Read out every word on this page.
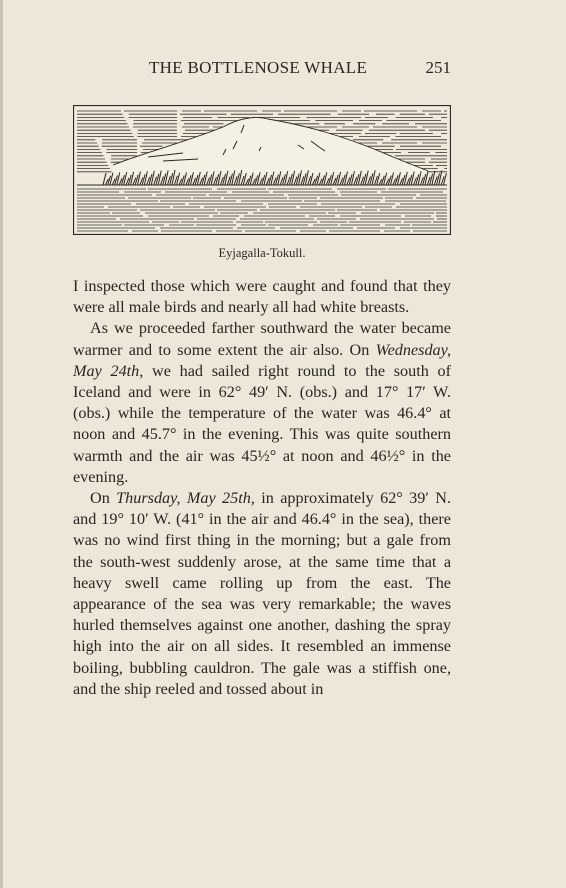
THE BOTTLENOSE WHALE	251
Eyjagalla-Tokull.

I inspected those which were caught and found that they were all male birds and nearly all had white breasts.

As we proceeded farther southward the water became warmer and to some extent the air also. On Wednesday, May 24th, we had sailed right round to the south of Iceland and were in 62° 49′ N. (obs.) and 17° 17′ W. (obs.) while the temperature of the water was 46.4° at noon and 45.7° in the evening. This was quite southern warmth and the air was 45½° at noon and 46½° in the evening.

On Thursday, May 25th, in approximately 62° 39′ N. and 19° 10′ W. (41° in the air and 46.4° in the sea), there was no wind first thing in the morning; but a gale from the south-west suddenly arose, at the same time that a heavy swell came rolling up from the east. The appearance of the sea was very remarkable; the waves hurled themselves against one another, dashing the spray high into the air on all sides. It resembled an immense boiling, bubbling cauldron. The gale was a stiffish one, and the ship reeled and tossed about in
